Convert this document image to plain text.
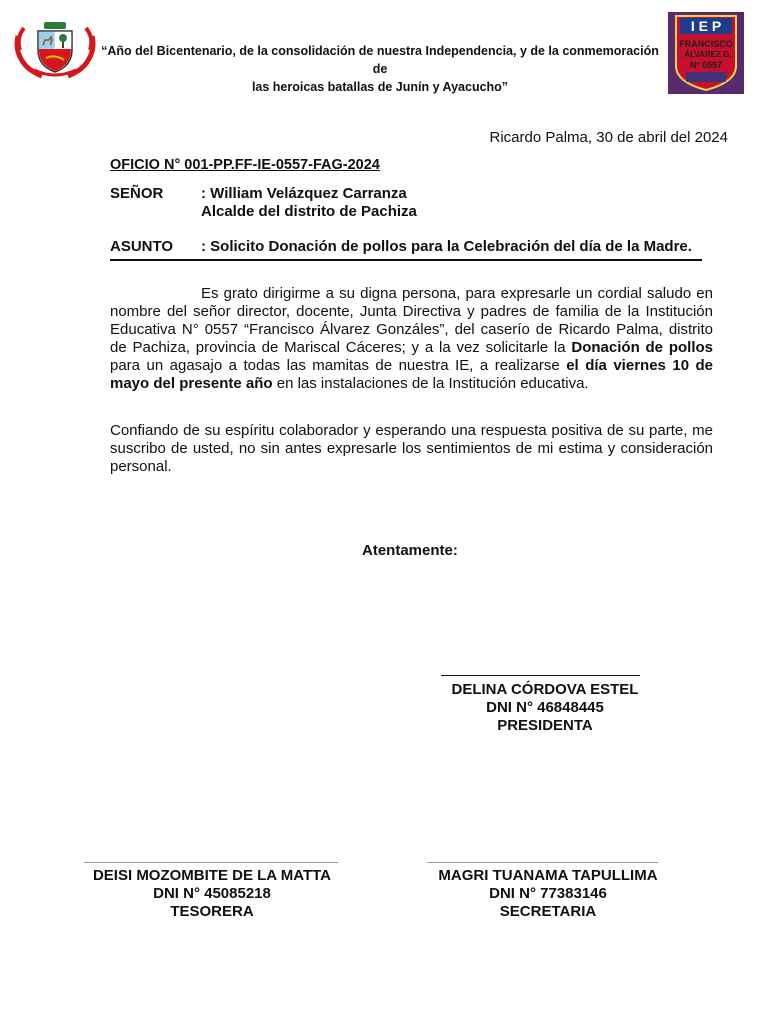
“Año del Bicentenario, de la consolidación de nuestra Independencia, y de la conmemoración de
las heroicas batallas de Junín y Ayacucho”
I E P
FRANCISCO
ÁLVAREZ G.
Nº 0557
Ricardo Palma, 30 de abril del 2024
OFICIO N° 001-PP.FF-IE-0557-FAG-2024
SEÑOR	: William Velázquez Carranza
Alcalde del distrito de Pachiza
ASUNTO : Solicito Donación de pollos para la Celebración del día de la Madre.
Es grato dirigirme a su digna persona, para expresarle un cordial saludo en nombre del señor director, docente, Junta Directiva y padres de familia de la Institución Educativa N° 0557 “Francisco Álvarez Gonzáles”, del caserío de Ricardo Palma, distrito de Pachiza, provincia de Mariscal Cáceres; y a la vez solicitarle la Donación de pollos para un agasajo a todas las mamitas de nuestra IE, a realizarse el día viernes 10 de mayo del presente año en las instalaciones de la Institución educativa.
Confiando de su espíritu colaborador y esperando una respuesta positiva de su parte, me suscribo de usted, no sin antes expresarle los sentimientos de mi estima y consideración personal.
Atentamente:
DELINA CÓRDOVA ESTEL
DNI N° 46848445
PRESIDENTA
DEISI MOZOMBITE DE LA MATTA
DNI N° 45085218
TESORERA
MAGRI TUANAMA TAPULLIMA
DNI N° 77383146
SECRETARIA
